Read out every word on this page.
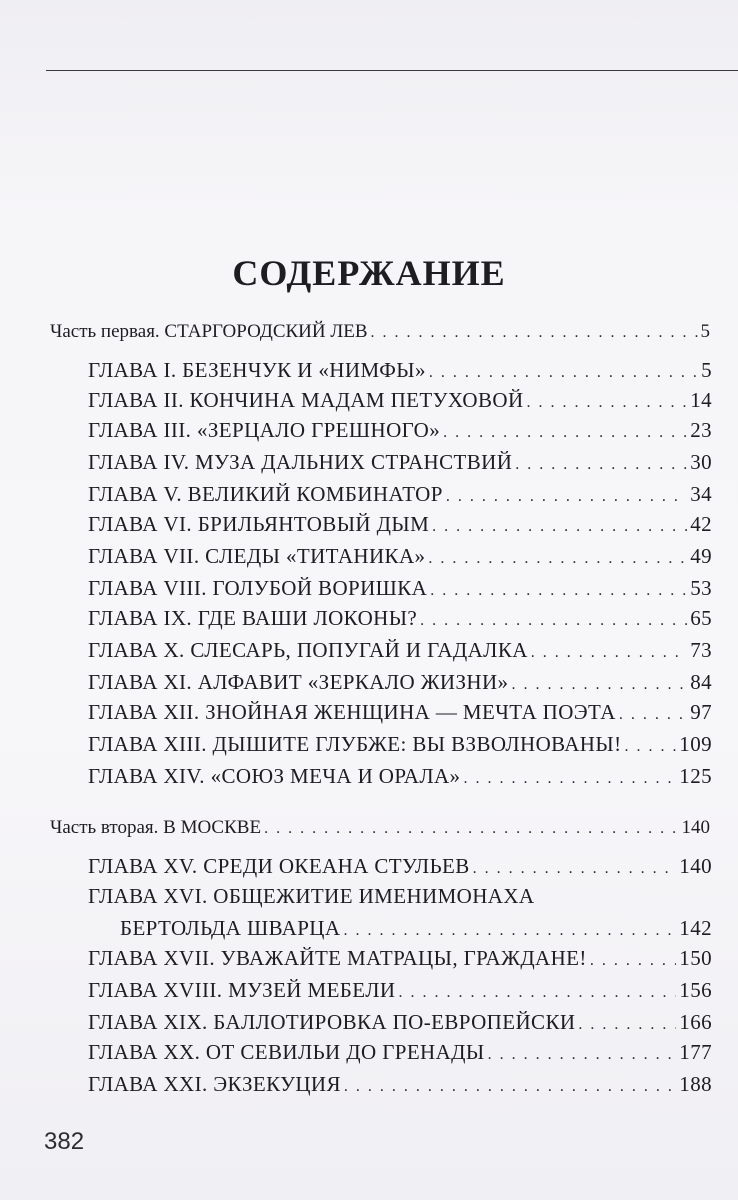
СОДЕРЖАНИЕ
Часть первая. СТАРГОРОДСКИЙ ЛЕВ . . .	5
ГЛАВА I. БЕЗЕНЧУК И «НИМФЫ» . . .	5
ГЛАВА II. КОНЧИНА МАДАМ ПЕТУХОВОЙ . . .	14
ГЛАВА III. «ЗЕРЦАЛО ГРЕШНОГО» . . .	23
ГЛАВА IV. МУЗА ДАЛЬНИХ СТРАНСТВИЙ . . .	30
ГЛАВА V. ВЕЛИКИЙ КОМБИНАТОР . . .	34
ГЛАВА VI. БРИЛЬЯНТОВЫЙ ДЫМ . . .	42
ГЛАВА VII. СЛЕДЫ «ТИТАНИКА» . . .	49
ГЛАВА VIII. ГОЛУБОЙ ВОРИШКА . . .	53
ГЛАВА IX. ГДЕ ВАШИ ЛОКОНЫ? . . .	65
ГЛАВА X. СЛЕСАРЬ, ПОПУГАЙ И ГАДАЛКА . . .	73
ГЛАВА XI. АЛФАВИТ «ЗЕРКАЛО ЖИЗНИ» . . .	84
ГЛАВА XII. ЗНОЙНАЯ ЖЕНЩИНА — МЕЧТА ПОЭТА . . .	97
ГЛАВА XIII. ДЫШИТЕ ГЛУБЖЕ: ВЫ ВЗВОЛНОВАНЫ! . . .	109
ГЛАВА XIV. «СОЮЗ МЕЧА И ОРАЛА» . . .	125
Часть вторая. В МОСКВЕ . . .	140
ГЛАВА XV. СРЕДИ ОКЕАНА СТУЛЬЕВ . . .	140
ГЛАВА XVI. ОБЩЕЖИТИЕ ИМЕНИМОНАХА
БЕРТОЛЬДА ШВАРЦА . . .	142
ГЛАВА XVII. УВАЖАЙТЕ МАТРАЦЫ, ГРАЖДАНЕ! . . .	150
ГЛАВА XVIII. МУЗЕЙ МЕБЕЛИ . . .	156
ГЛАВА XIX. БАЛЛОТИРОВКА ПО-ЕВРОПЕЙСКИ . . .	166
ГЛАВА XX. ОТ СЕВИЛЬИ ДО ГРЕНАДЫ . . .	177
ГЛАВА XXI. ЭКЗЕКУЦИЯ . . .	188
382
